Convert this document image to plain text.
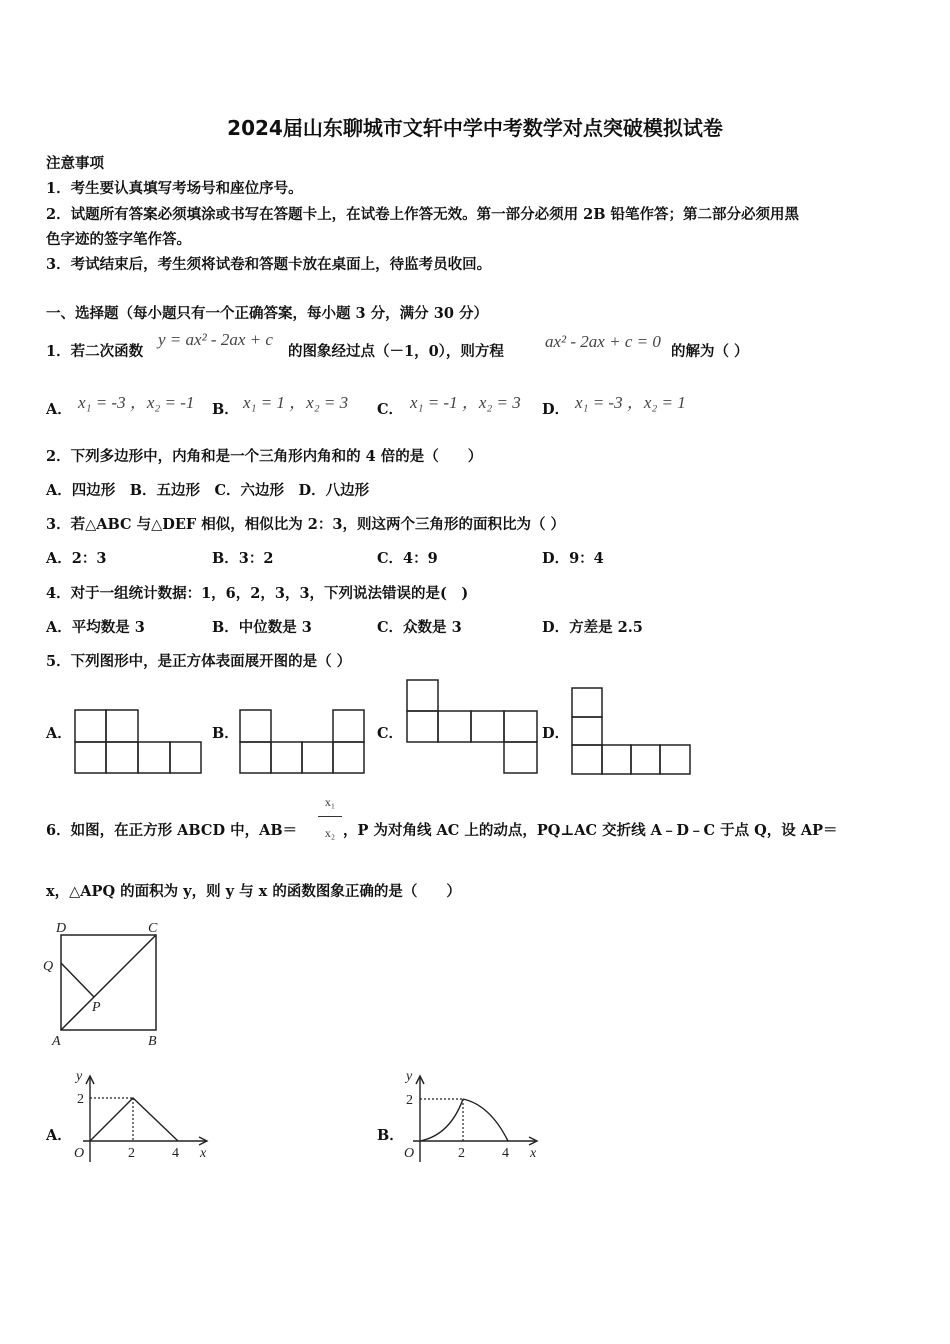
2024届山东聊城市文轩中学中考数学对点突破模拟试卷
注意事项
1．考生要认真填写考场号和座位序号。
2．试题所有答案必须填涂或书写在答题卡上，在试卷上作答无效。第一部分必须用 2B 铅笔作答；第二部分必须用黑
色字迹的签字笔作答。
3．考试结束后，考生须将试卷和答题卡放在桌面上，待监考员收回。
一、选择题（每小题只有一个正确答案，每小题 3 分，满分 30 分）
1．若二次函数
y = ax² - 2ax + c
的图象经过点（－1，0），则方程
ax² - 2ax + c = 0
的解为（ ）
A． x₁ = -3 ，x₂ = -1 B． x₁ = 1 ，x₂ = 3 C． x₁ = -1 ，x₂ = 3 D． x₁ = -3 ，x₂ = 1
2．下列多边形中，内角和是一个三角形内角和的 4 倍的是（　　）
A．四边形　B．五边形　C．六边形　D．八边形
3．若△ABC 与△DEF 相似，相似比为 2：3，则这两个三角形的面积比为（ ）
A．2：3	B．3：2	C．4：9	D．9：4
4．对于一组统计数据：1，6，2，3，3，下列说法错误的是(　)
A．平均数是 3	B．中位数是 3	C．众数是 3	D．方差是 2.5
5．下列图形中，是正方体表面展开图的是（ ）
A．	B．	C．	D．
6．如图，在正方形 ABCD 中，AB＝
x₁
x₂ ，P 为对角线 AC 上的动点，PQ⊥AC 交折线 A﹣D﹣C 于点 Q，设 AP＝
x，△APQ 的面积为 y，则 y 与 x 的函数图象正确的是（　　）
D	C
Q
P
A	B
A．	B．
y
2
O	2	4 x
y
2
O	2	4 x
